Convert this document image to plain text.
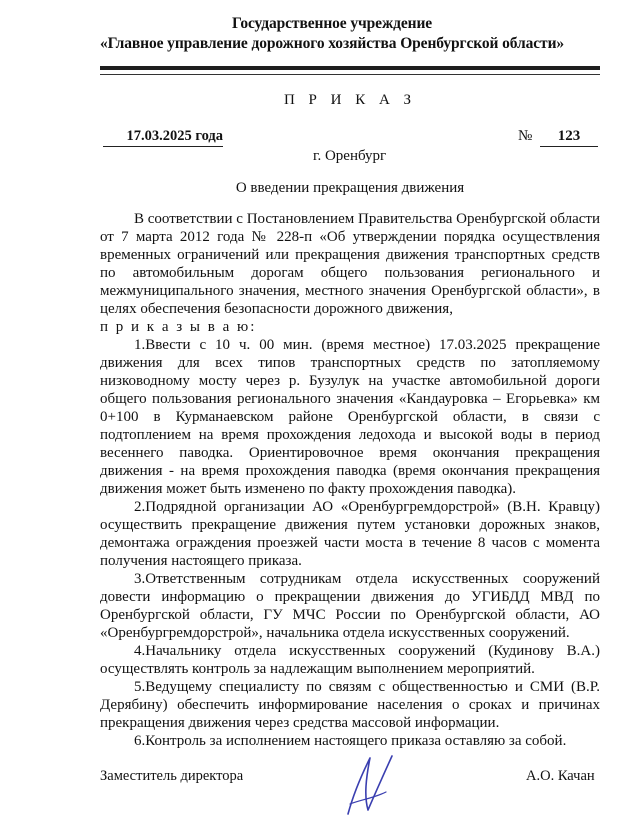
Государственное учреждение
«Главное управление дорожного хозяйства Оренбургской области»
П Р И К А З
17.03.2025 года	№	123
г. Оренбург
О введении прекращения движения

В соответствии с Постановлением Правительства Оренбургской области от 7 марта 2012 года № 228-п «Об утверждении порядка осуществления временных ограничений или прекращения движения транспортных средств по автомобильным дорогам общего пользования регионального и межмуниципального значения, местного значения Оренбургской области», в целях обеспечения безопасности дорожного движения,

п р и к а з ы в а ю:

1.Ввести с 10 ч. 00 мин. (время местное) 17.03.2025 прекращение движения для всех типов транспортных средств по затопляемому низководному мосту через р. Бузулук на участке автомобильной дороги общего пользования регионального значения «Кандауровка – Егорьевка» км 0+100 в Курманаевском районе Оренбургской области, в связи с подтоплением на время прохождения ледохода и высокой воды в период весеннего паводка. Ориентировочное время окончания прекращения движения - на время прохождения паводка (время окончания прекращения движения может быть изменено по факту прохождения паводка).

2.Подрядной организации АО «Оренбургремдорстрой» (В.Н. Кравцу) осуществить прекращение движения путем установки дорожных знаков, демонтажа ограждения проезжей части моста в течение 8 часов с момента получения настоящего приказа.

3.Ответственным сотрудникам отдела искусственных сооружений довести информацию о прекращении движения до УГИБДД МВД по Оренбургской области, ГУ МЧС России по Оренбургской области, АО «Оренбургремдорстрой», начальника отдела искусственных сооружений.

4.Начальнику отдела искусственных сооружений (Кудинову В.А.) осуществлять контроль за надлежащим выполнением мероприятий.

5.Ведущему специалисту по связям с общественностью и СМИ (В.Р. Дерябину) обеспечить информирование населения о сроках и причинах прекращения движения через средства массовой информации.

6.Контроль за исполнением настоящего приказа оставляю за собой.

Заместитель директора	А.О. Качан
